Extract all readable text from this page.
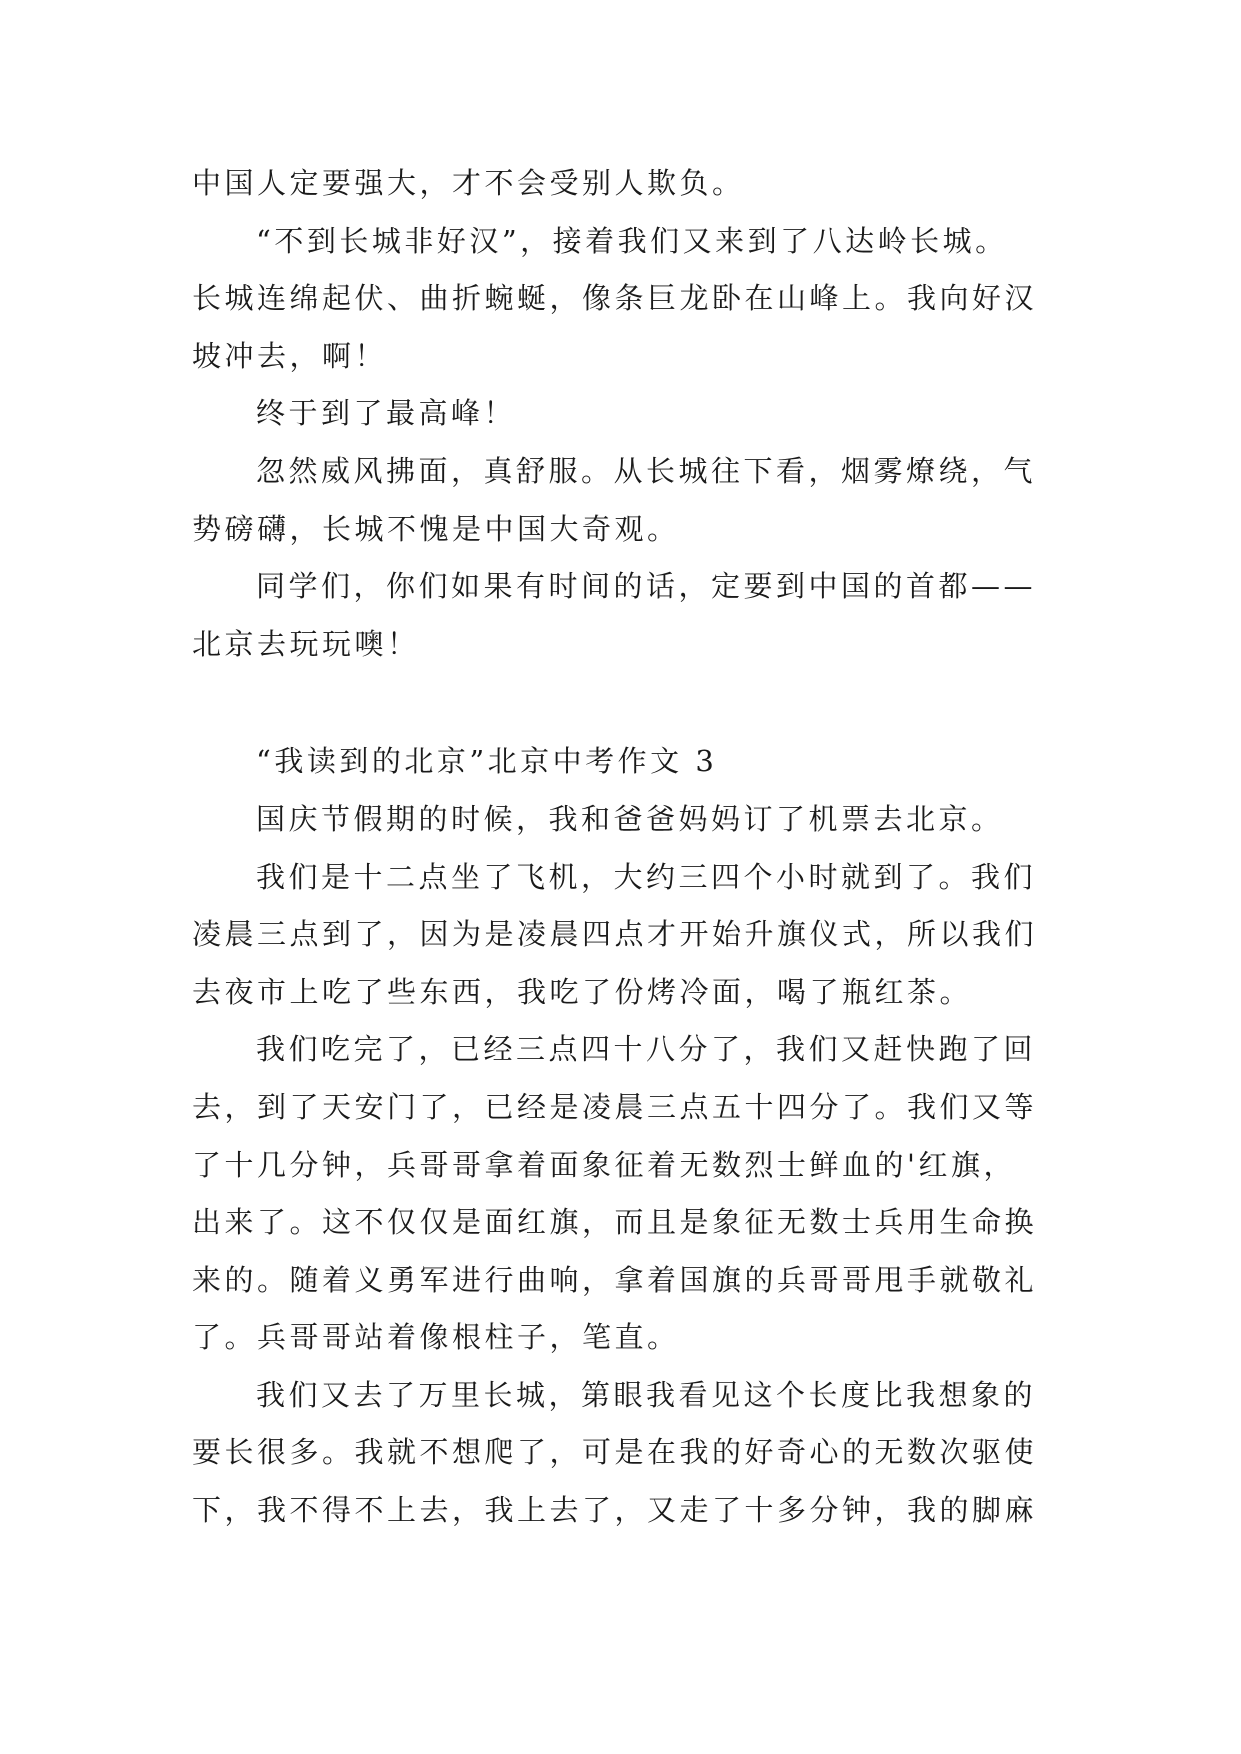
中国人定要强大，才不会受别人欺负。
“不到长城非好汉”，接着我们又来到了八达岭长城。
长城连绵起伏、曲折蜿蜒，像条巨龙卧在山峰上。我向好汉
坡冲去，啊！
终于到了最高峰！
忽然威风拂面，真舒服。从长城往下看，烟雾燎绕，气
势磅礴，长城不愧是中国大奇观。
同学们，你们如果有时间的话，定要到中国的首都——
北京去玩玩噢！
“我读到的北京”北京中考作文 3
国庆节假期的时候，我和爸爸妈妈订了机票去北京。
我们是十二点坐了飞机，大约三四个小时就到了。我们
凌晨三点到了，因为是凌晨四点才开始升旗仪式，所以我们
去夜市上吃了些东西，我吃了份烤冷面，喝了瓶红茶。
我们吃完了，已经三点四十八分了，我们又赶快跑了回
去，到了天安门了，已经是凌晨三点五十四分了。我们又等
了十几分钟，兵哥哥拿着面象征着无数烈士鲜血的'红旗，
出来了。这不仅仅是面红旗，而且是象征无数士兵用生命换
来的。随着义勇军进行曲响，拿着国旗的兵哥哥甩手就敬礼
了。兵哥哥站着像根柱子，笔直。
我们又去了万里长城，第眼我看见这个长度比我想象的
要长很多。我就不想爬了，可是在我的好奇心的无数次驱使
下，我不得不上去，我上去了，又走了十多分钟，我的脚麻
